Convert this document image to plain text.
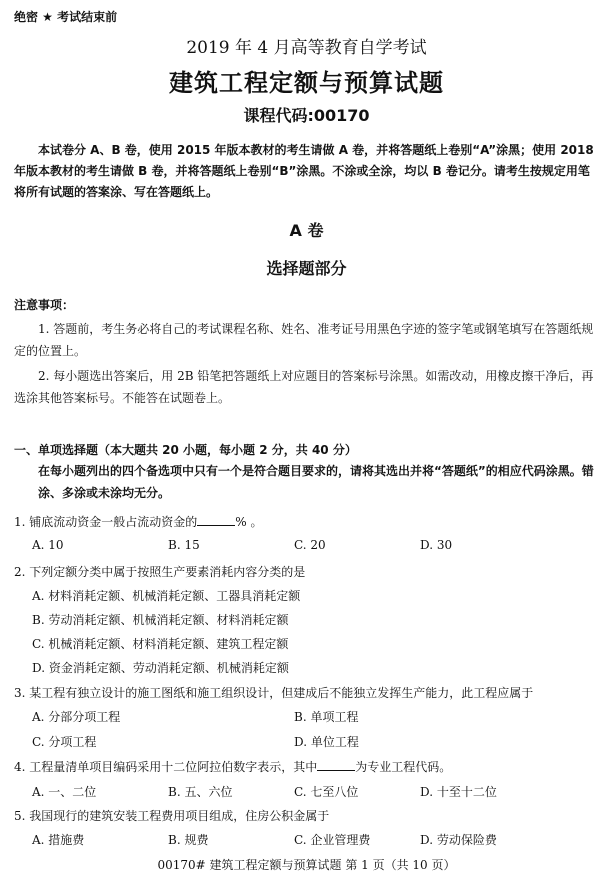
绝密 ★ 考试结束前
2019 年 4 月高等教育自学考试
建筑工程定额与预算试题
课程代码:00170
本试卷分 A、B 卷，使用 2015 年版本教材的考生请做 A 卷，并将答题纸上卷别“A”涂黑；使用 2018 年版本教材的考生请做 B 卷，并将答题纸上卷别“B”涂黑。不涂或全涂，均以 B 卷记分。请考生按规定用笔将所有试题的答案涂、写在答题纸上。
A 卷
选择题部分
注意事项：
1. 答题前，考生务必将自己的考试课程名称、姓名、准考证号用黑色字迹的签字笔或钢笔填写在答题纸规定的位置上。
2. 每小题选出答案后，用 2B 铅笔把答题纸上对应题目的答案标号涂黑。如需改动，用橡皮擦干净后，再选涂其他答案标号。不能答在试题卷上。
一、单项选择题（本大题共 20 小题，每小题 2 分，共 40 分）
在每小题列出的四个备选项中只有一个是符合题目要求的，请将其选出并将“答题纸”的相应代码涂黑。错涂、多涂或未涂均无分。
1. 铺底流动资金一般占流动资金的	% 。
A. 10	B. 15	C. 20	D. 30
2. 下列定额分类中属于按照生产要素消耗内容分类的是
A. 材料消耗定额、机械消耗定额、工器具消耗定额
B. 劳动消耗定额、机械消耗定额、材料消耗定额
C. 机械消耗定额、材料消耗定额、建筑工程定额
D. 资金消耗定额、劳动消耗定额、机械消耗定额
3. 某工程有独立设计的施工图纸和施工组织设计，但建成后不能独立发挥生产能力，此工程应属于
A. 分部分项工程	B. 单项工程
C. 分项工程	D. 单位工程
4. 工程量清单项目编码采用十二位阿拉伯数字表示，其中	为专业工程代码。
A. 一、二位	B. 五、六位	C. 七至八位	D. 十至十二位
5. 我国现行的建筑安装工程费用项目组成，住房公积金属于
A. 措施费	B. 规费	C. 企业管理费	D. 劳动保险费
00170# 建筑工程定额与预算试题 第 1 页（共 10 页）
